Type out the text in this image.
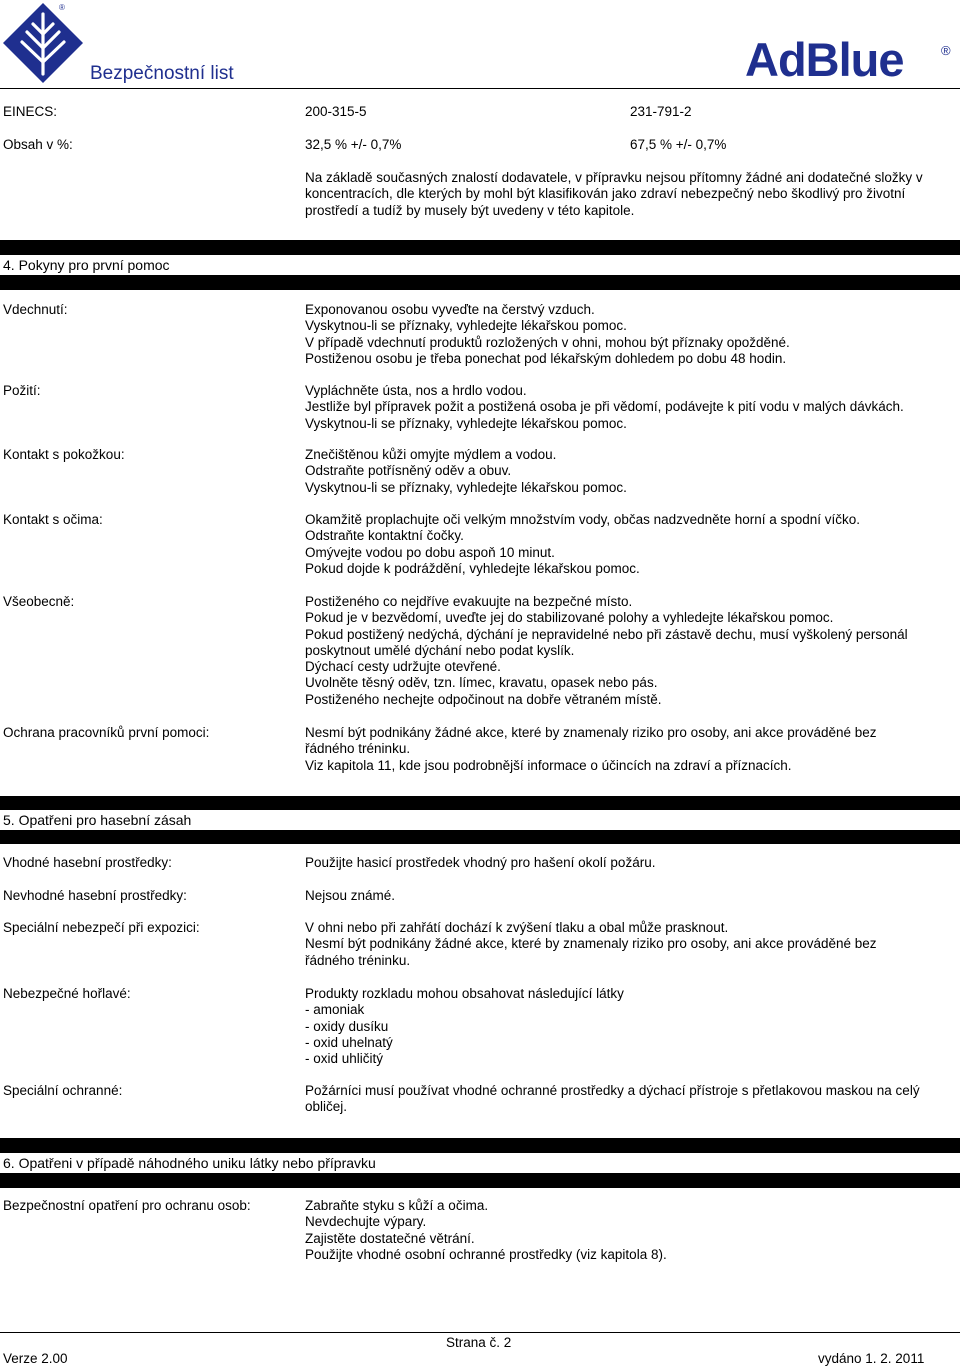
®
Bezpečnostní list	AdBlue	®
EINECS:	200-315-5	231-791-2
Obsah v %:	32,5 % +/- 0,7%	67,5 % +/- 0,7%
Na základě současných znalostí dodavatele, v přípravku nejsou přítomny žádné ani dodatečné složky v
koncentracích, dle kterých by mohl být klasifikován jako zdraví nebezpečný nebo škodlivý pro životní
prostředí a tudíž by musely být uvedeny v této kapitole.
4. Pokyny pro první pomoc
Vdechnutí:	Exponovanou osobu vyveďte na čerstvý vzduch.
Vyskytnou-li se příznaky, vyhledejte lékařskou pomoc.
V případě vdechnutí produktů rozložených v ohni, mohou být příznaky opožděné.
Postiženou osobu je třeba ponechat pod lékařským dohledem po dobu 48 hodin.
Požití:	Vypláchněte ústa, nos a hrdlo vodou.
Jestliže byl přípravek požit a postižená osoba je při vědomí, podávejte k pití vodu v malých dávkách.
Vyskytnou-li se příznaky, vyhledejte lékařskou pomoc.
Kontakt s pokožkou:	Znečištěnou kůži omyjte mýdlem a vodou.
Odstraňte potřísněný oděv a obuv.
Vyskytnou-li se příznaky, vyhledejte lékařskou pomoc.
Kontakt s očima:	Okamžitě proplachujte oči velkým množstvím vody, občas nadzvedněte horní a spodní víčko.
Odstraňte kontaktní čočky.
Omývejte vodou po dobu aspoň 10 minut.
Pokud dojde k podráždění, vyhledejte lékařskou pomoc.
Všeobecně:	Postiženého co nejdříve evakuujte na bezpečné místo.
Pokud je v bezvědomí, uveďte jej do stabilizované polohy a vyhledejte lékařskou pomoc.
Pokud postižený nedýchá, dýchání je nepravidelné nebo při zástavě dechu, musí vyškolený personál
poskytnout umělé dýchání nebo podat kyslík.
Dýchací cesty udržujte otevřené.
Uvolněte těsný oděv, tzn. límec, kravatu, opasek nebo pás.
Postiženého nechejte odpočinout na dobře větraném místě.
Ochrana pracovníků první pomoci:	Nesmí být podnikány žádné akce, které by znamenaly riziko pro osoby, ani akce prováděné bez
řádného tréninku.
Viz kapitola 11, kde jsou podrobnější informace o účincích na zdraví a příznacích.
5. Opatřeni pro hasební zásah
Vhodné hasební prostředky:	Použijte hasicí prostředek vhodný pro hašení okolí požáru.
Nevhodné hasební prostředky:	Nejsou známé.
Speciální nebezpečí při expozici:	V ohni nebo při zahřátí dochází k zvýšení tlaku a obal může prasknout.
Nesmí být podnikány žádné akce, které by znamenaly riziko pro osoby, ani akce prováděné bez
řádného tréninku.
Nebezpečné hořlavé:	Produkty rozkladu mohou obsahovat následující látky
- amoniak
- oxidy dusíku
- oxid uhelnatý
- oxid uhličitý
Speciální ochranné:	Požárníci musí používat vhodné ochranné prostředky a dýchací přístroje s přetlakovou maskou na celý
obličej.
6. Opatřeni v případě náhodného uniku látky nebo přípravku
Bezpečnostní opatření pro ochranu osob:	Zabraňte styku s kůží a očima.
Nevdechujte výpary.
Zajistěte dostatečné větrání.
Použijte vhodné osobní ochranné prostředky (viz kapitola 8).
Strana č. 2
Verze 2.00	vydáno 1. 2. 2011
